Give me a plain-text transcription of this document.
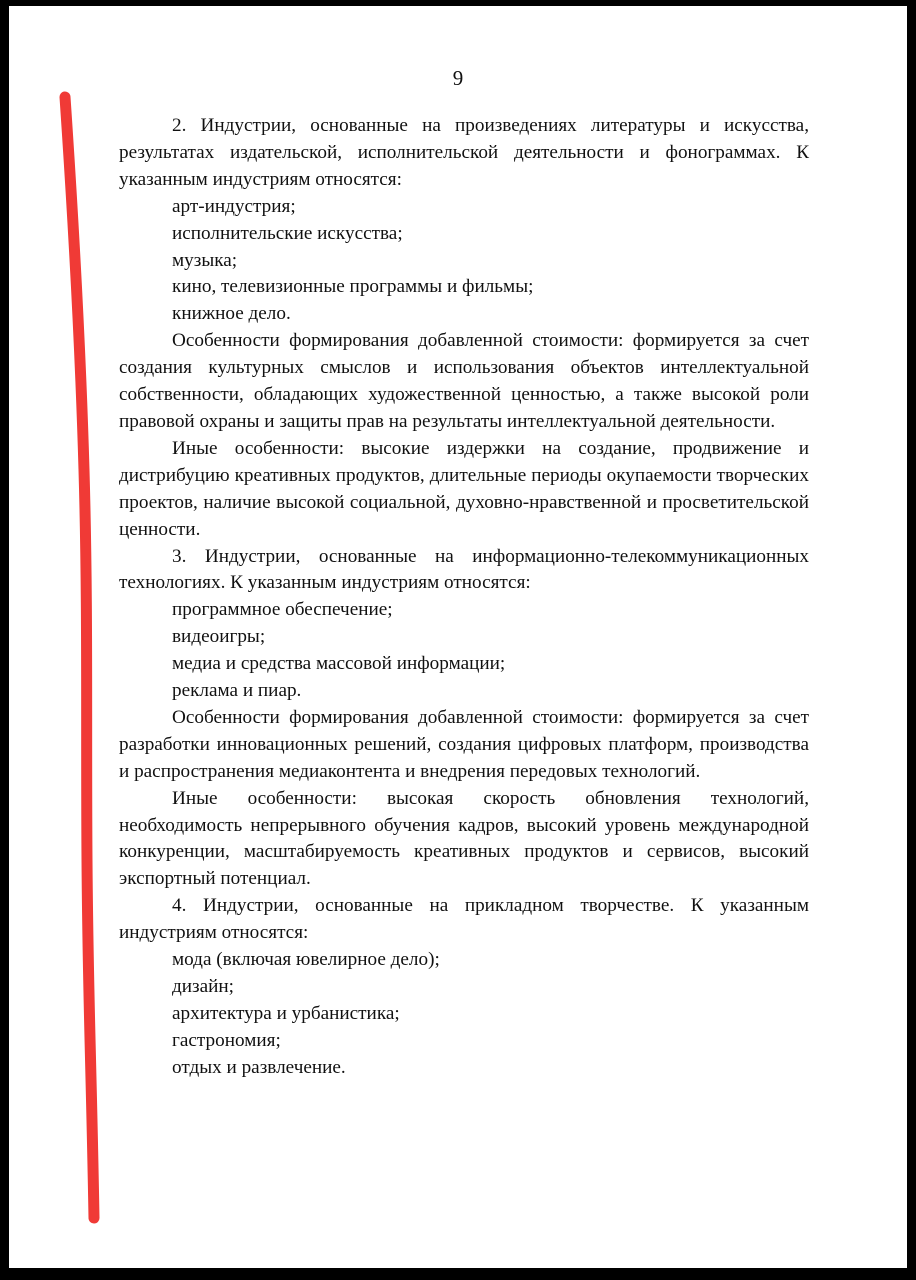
9

2. Индустрии, основанные на произведениях литературы и искусства, результатах издательской, исполнительской деятельности и фонограммах. К указанным индустриям относятся:

арт-индустрия;

исполнительские искусства;

музыка;

кино, телевизионные программы и фильмы;

книжное дело.

Особенности формирования добавленной стоимости: формируется за счет создания культурных смыслов и использования объектов интеллектуальной собственности, обладающих художественной ценностью, а также высокой роли правовой охраны и защиты прав на результаты интеллектуальной деятельности.

Иные особенности: высокие издержки на создание, продвижение и дистрибуцию креативных продуктов, длительные периоды окупаемости творческих проектов, наличие высокой социальной, духовно-нравственной и просветительской ценности.

3. Индустрии, основанные на информационно-телекоммуникационных технологиях. К указанным индустриям относятся:

программное обеспечение;

видеоигры;

медиа и средства массовой информации;

реклама и пиар.

Особенности формирования добавленной стоимости: формируется за счет разработки инновационных решений, создания цифровых платформ, производства и распространения медиаконтента и внедрения передовых технологий.

Иные особенности: высокая скорость обновления технологий, необходимость непрерывного обучения кадров, высокий уровень международной конкуренции, масштабируемость креативных продуктов и сервисов, высокий экспортный потенциал.

4. Индустрии, основанные на прикладном творчестве. К указанным индустриям относятся:

мода (включая ювелирное дело);

дизайн;

архитектура и урбанистика;

гастрономия;

отдых и развлечение.
